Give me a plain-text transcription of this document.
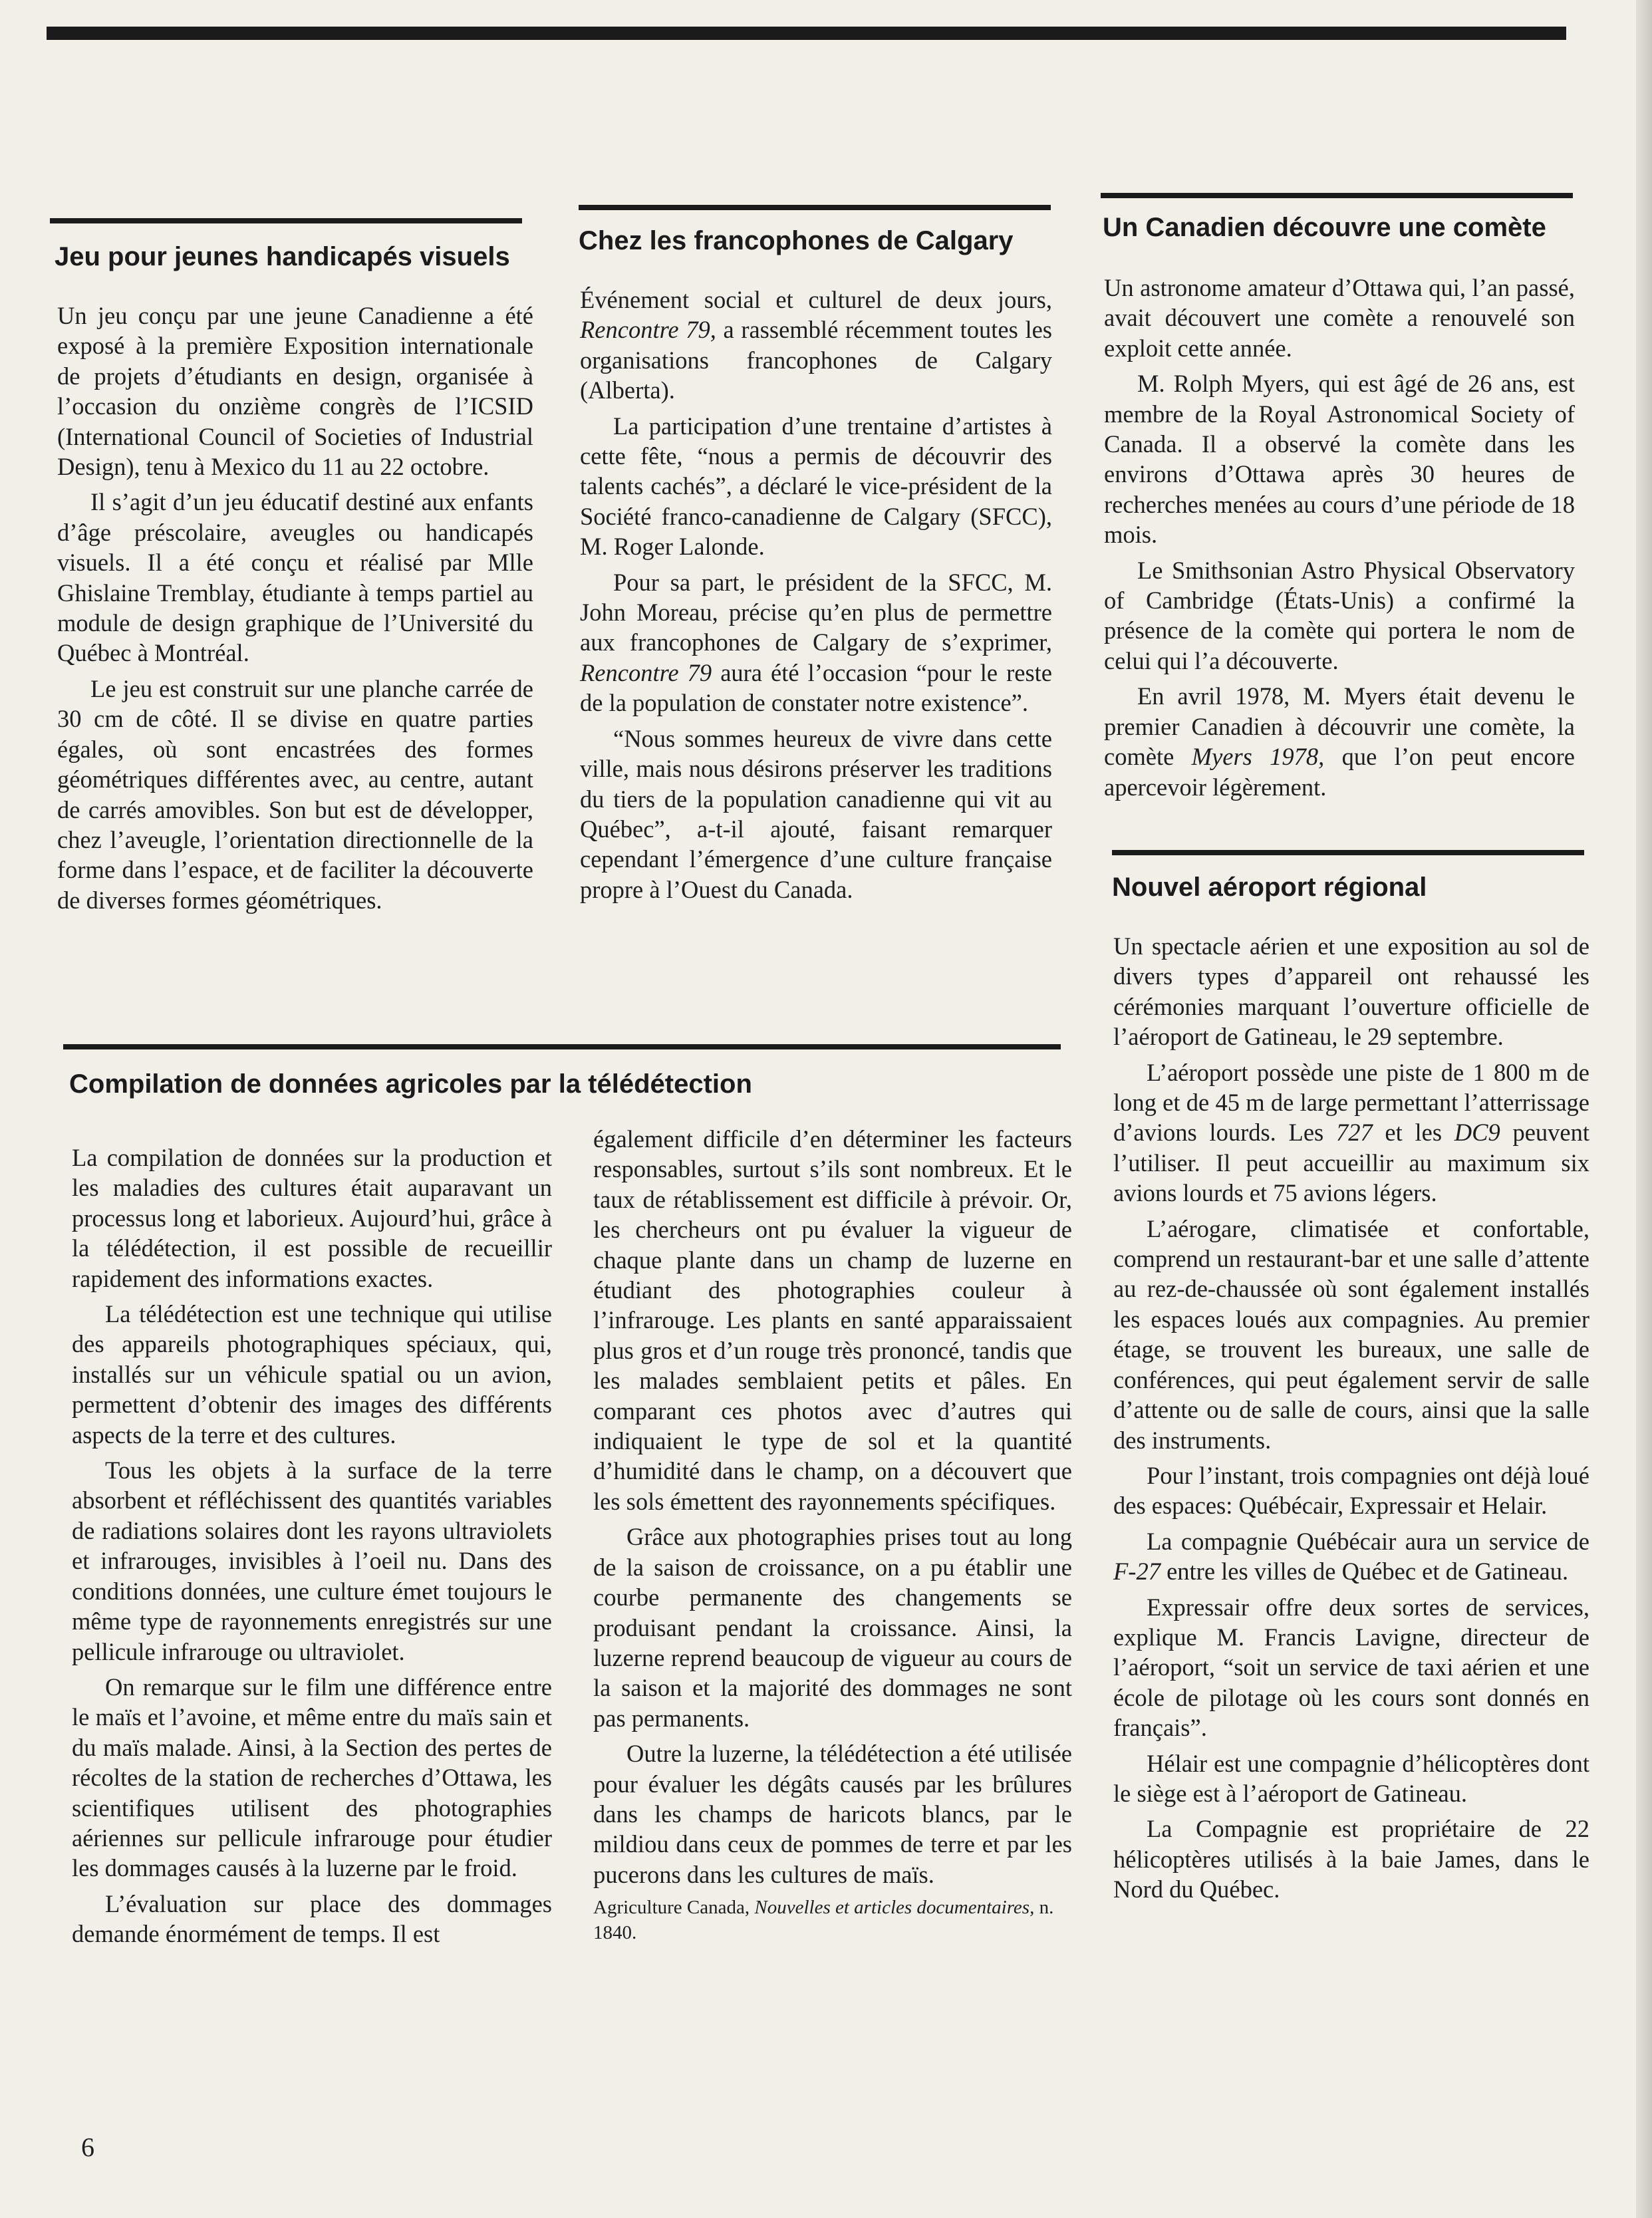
Jeu pour jeunes handicapés visuels

Un jeu conçu par une jeune Canadienne a été exposé à la première Exposition internationale de projets d’étudiants en design, organisée à l’occasion du onzième congrès de l’ICSID (International Council of Societies of Industrial Design), tenu à Mexico du 11 au 22 octobre.

Il s’agit d’un jeu éducatif destiné aux enfants d’âge préscolaire, aveugles ou handicapés visuels. Il a été conçu et réalisé par Mlle Ghislaine Tremblay, étudiante à temps partiel au module de design graphique de l’Université du Québec à Montréal.

Le jeu est construit sur une planche carrée de 30 cm de côté. Il se divise en quatre parties égales, où sont encastrées des formes géométriques différentes avec, au centre, autant de carrés amovibles. Son but est de développer, chez l’aveugle, l’orientation directionnelle de la forme dans l’espace, et de faciliter la découverte de diverses formes géométriques.

Chez les francophones de Calgary

Événement social et culturel de deux jours, Rencontre 79, a rassemblé récemment toutes les organisations francophones de Calgary (Alberta).

La participation d’une trentaine d’artistes à cette fête, “nous a permis de découvrir des talents cachés”, a déclaré le vice-président de la Société franco-canadienne de Calgary (SFCC), M. Roger Lalonde.

Pour sa part, le président de la SFCC, M. John Moreau, précise qu’en plus de permettre aux francophones de Calgary de s’exprimer, Rencontre 79 aura été l’occasion “pour le reste de la population de constater notre existence”.

“Nous sommes heureux de vivre dans cette ville, mais nous désirons préserver les traditions du tiers de la population canadienne qui vit au Québec”, a-t-il ajouté, faisant remarquer cependant l’émergence d’une culture française propre à l’Ouest du Canada.

Un Canadien découvre une comète

Un astronome amateur d’Ottawa qui, l’an passé, avait découvert une comète a renouvelé son exploit cette année.

M. Rolph Myers, qui est âgé de 26 ans, est membre de la Royal Astronomical Society of Canada. Il a observé la comète dans les environs d’Ottawa après 30 heures de recherches menées au cours d’une période de 18 mois.

Le Smithsonian Astro Physical Observatory of Cambridge (États-Unis) a confirmé la présence de la comète qui portera le nom de celui qui l’a découverte.

En avril 1978, M. Myers était devenu le premier Canadien à découvrir une comète, la comète Myers 1978, que l’on peut encore apercevoir légèrement.

Nouvel aéroport régional

Un spectacle aérien et une exposition au sol de divers types d’appareil ont rehaussé les cérémonies marquant l’ouverture officielle de l’aéroport de Gatineau, le 29 septembre.

L’aéroport possède une piste de 1 800 m de long et de 45 m de large permettant l’atterrissage d’avions lourds. Les 727 et les DC9 peuvent l’utiliser. Il peut accueillir au maximum six avions lourds et 75 avions légers.

L’aérogare, climatisée et confortable, comprend un restaurant-bar et une salle d’attente au rez-de-chaussée où sont également installés les espaces loués aux compagnies. Au premier étage, se trouvent les bureaux, une salle de conférences, qui peut également servir de salle d’attente ou de salle de cours, ainsi que la salle des instruments.

Pour l’instant, trois compagnies ont déjà loué des espaces: Québécair, Expressair et Helair.

La compagnie Québécair aura un service de F-27 entre les villes de Québec et de Gatineau.

Expressair offre deux sortes de services, explique M. Francis Lavigne, directeur de l’aéroport, “soit un service de taxi aérien et une école de pilotage où les cours sont donnés en français”.

Hélair est une compagnie d’hélicoptères dont le siège est à l’aéroport de Gatineau.

La Compagnie est propriétaire de 22 hélicoptères utilisés à la baie James, dans le Nord du Québec.

Compilation de données agricoles par la télédétection

La compilation de données sur la production et les maladies des cultures était auparavant un processus long et laborieux. Aujourd’hui, grâce à la télédétection, il est possible de recueillir rapidement des informations exactes.

La télédétection est une technique qui utilise des appareils photographiques spéciaux, qui, installés sur un véhicule spatial ou un avion, permettent d’obtenir des images des différents aspects de la terre et des cultures.

Tous les objets à la surface de la terre absorbent et réfléchissent des quantités variables de radiations solaires dont les rayons ultraviolets et infrarouges, invisibles à l’oeil nu. Dans des conditions données, une culture émet toujours le même type de rayonnements enregistrés sur une pellicule infrarouge ou ultraviolet.

On remarque sur le film une différence entre le maïs et l’avoine, et même entre du maïs sain et du maïs malade. Ainsi, à la Section des pertes de récoltes de la station de recherches d’Ottawa, les scientifiques utilisent des photographies aériennes sur pellicule infrarouge pour étudier les dommages causés à la luzerne par le froid.

L’évaluation sur place des dommages demande énormément de temps. Il est

également difficile d’en déterminer les facteurs responsables, surtout s’ils sont nombreux. Et le taux de rétablissement est difficile à prévoir. Or, les chercheurs ont pu évaluer la vigueur de chaque plante dans un champ de luzerne en étudiant des photographies couleur à l’infrarouge. Les plants en santé apparaissaient plus gros et d’un rouge très prononcé, tandis que les malades semblaient petits et pâles. En comparant ces photos avec d’autres qui indiquaient le type de sol et la quantité d’humidité dans le champ, on a découvert que les sols émettent des rayonnements spécifiques.

Grâce aux photographies prises tout au long de la saison de croissance, on a pu établir une courbe permanente des changements se produisant pendant la croissance. Ainsi, la luzerne reprend beaucoup de vigueur au cours de la saison et la majorité des dommages ne sont pas permanents.

Outre la luzerne, la télédétection a été utilisée pour évaluer les dégâts causés par les brûlures dans les champs de haricots blancs, par le mildiou dans ceux de pommes de terre et par les pucerons dans les cultures de maïs.

Agriculture Canada, Nouvelles et articles documentaires, n. 1840.

6
